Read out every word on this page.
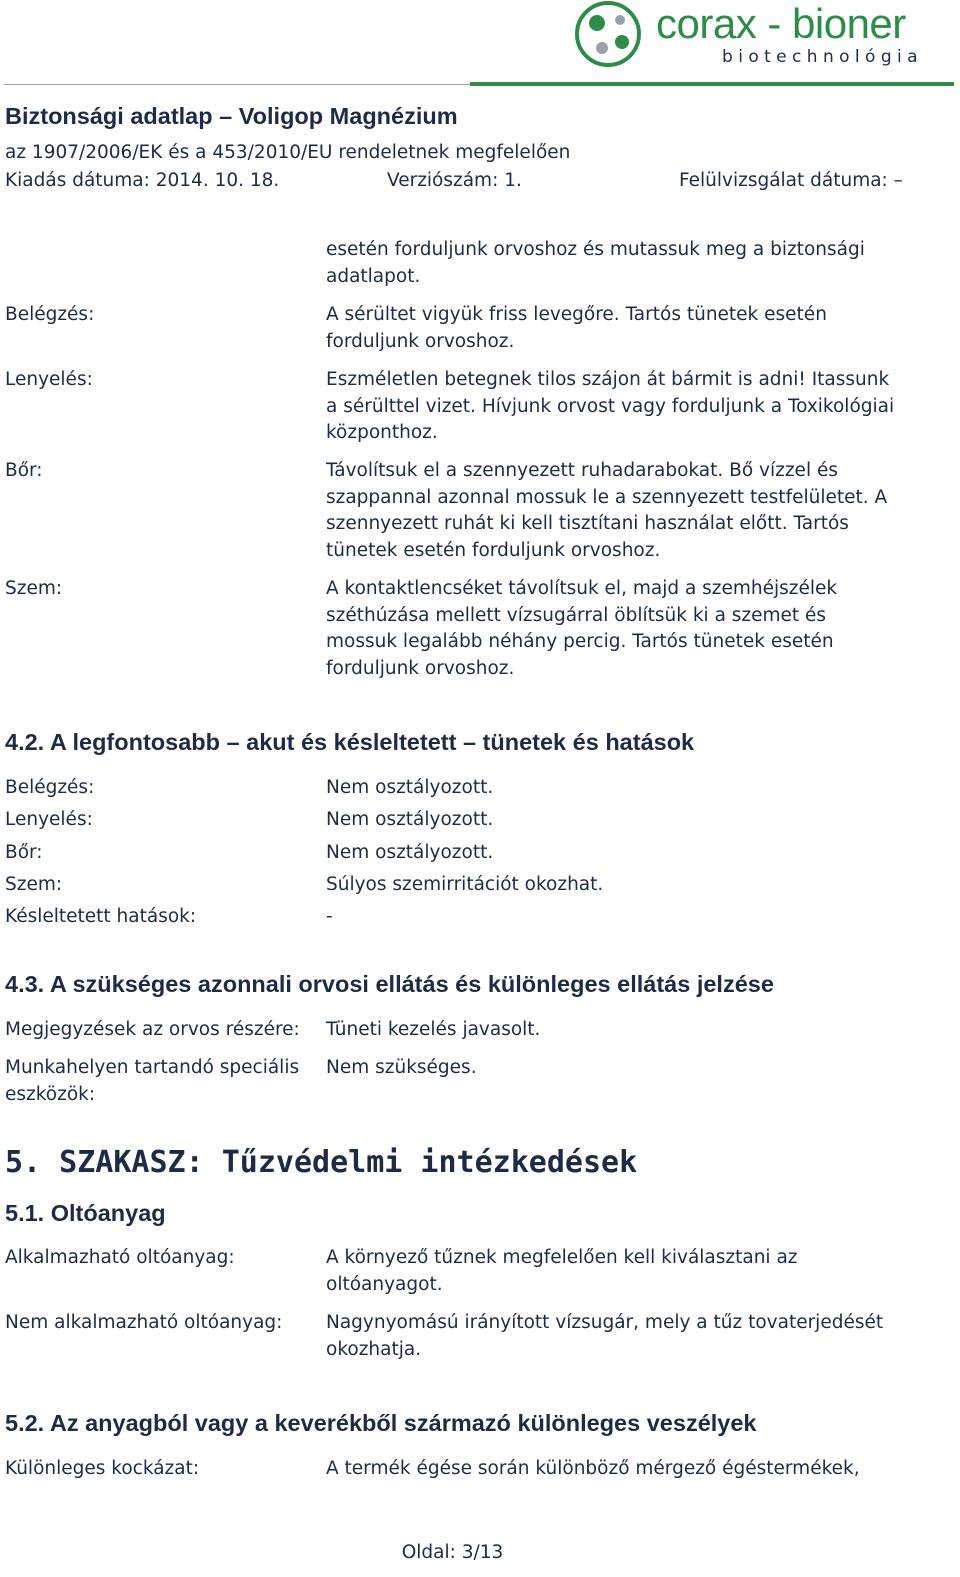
corax - bioner
biotechnológia
Biztonsági adatlap – Voligop Magnézium
az 1907/2006/EK és a 453/2010/EU rendeletnek megfelelően
Kiadás dátuma: 2014. 10. 18.	Verziószám: 1.	Felülvizsgálat dátuma: –
esetén forduljunk orvoshoz és mutassuk meg a biztonsági adatlapot.
Belégzés:	A sérültet vigyük friss levegőre. Tartós tünetek esetén forduljunk orvoshoz.
Lenyelés:	Eszméletlen betegnek tilos szájon át bármit is adni! Itassunk a sérülttel vizet. Hívjunk orvost vagy forduljunk a Toxikológiai központhoz.
Bőr:	Távolítsuk el a szennyezett ruhadarabokat. Bő vízzel és szappannal azonnal mossuk le a szennyezett testfelületet. A szennyezett ruhát ki kell tisztítani használat előtt. Tartós tünetek esetén forduljunk orvoshoz.
Szem:	A kontaktlencséket távolítsuk el, majd a szemhéjszélek széthúzása mellett vízsugárral öblítsük ki a szemet és mossuk legalább néhány percig. Tartós tünetek esetén forduljunk orvoshoz.
4.2. A legfontosabb – akut és késleltetett – tünetek és hatások
Belégzés:	Nem osztályozott.
Lenyelés:	Nem osztályozott.
Bőr:	Nem osztályozott.
Szem:	Súlyos szemirritációt okozhat.
Késleltetett hatások:	-
4.3. A szükséges azonnali orvosi ellátás és különleges ellátás jelzése
Megjegyzések az orvos részére: Tüneti kezelés javasolt.
Munkahelyen tartandó speciális eszközök:
Nem szükséges.
5. SZAKASZ: Tűzvédelmi intézkedések
5.1. Oltóanyag
Alkalmazható oltóanyag:	A környező tűznek megfelelően kell kiválasztani az oltóanyagot.
Nem alkalmazható oltóanyag:	Nagynyomású irányított vízsugár, mely a tűz tovaterjedését okozhatja.
5.2. Az anyagból vagy a keverékből származó különleges veszélyek
Különleges kockázat:	A termék égése során különböző mérgező égéstermékek,
Oldal: 3/13
